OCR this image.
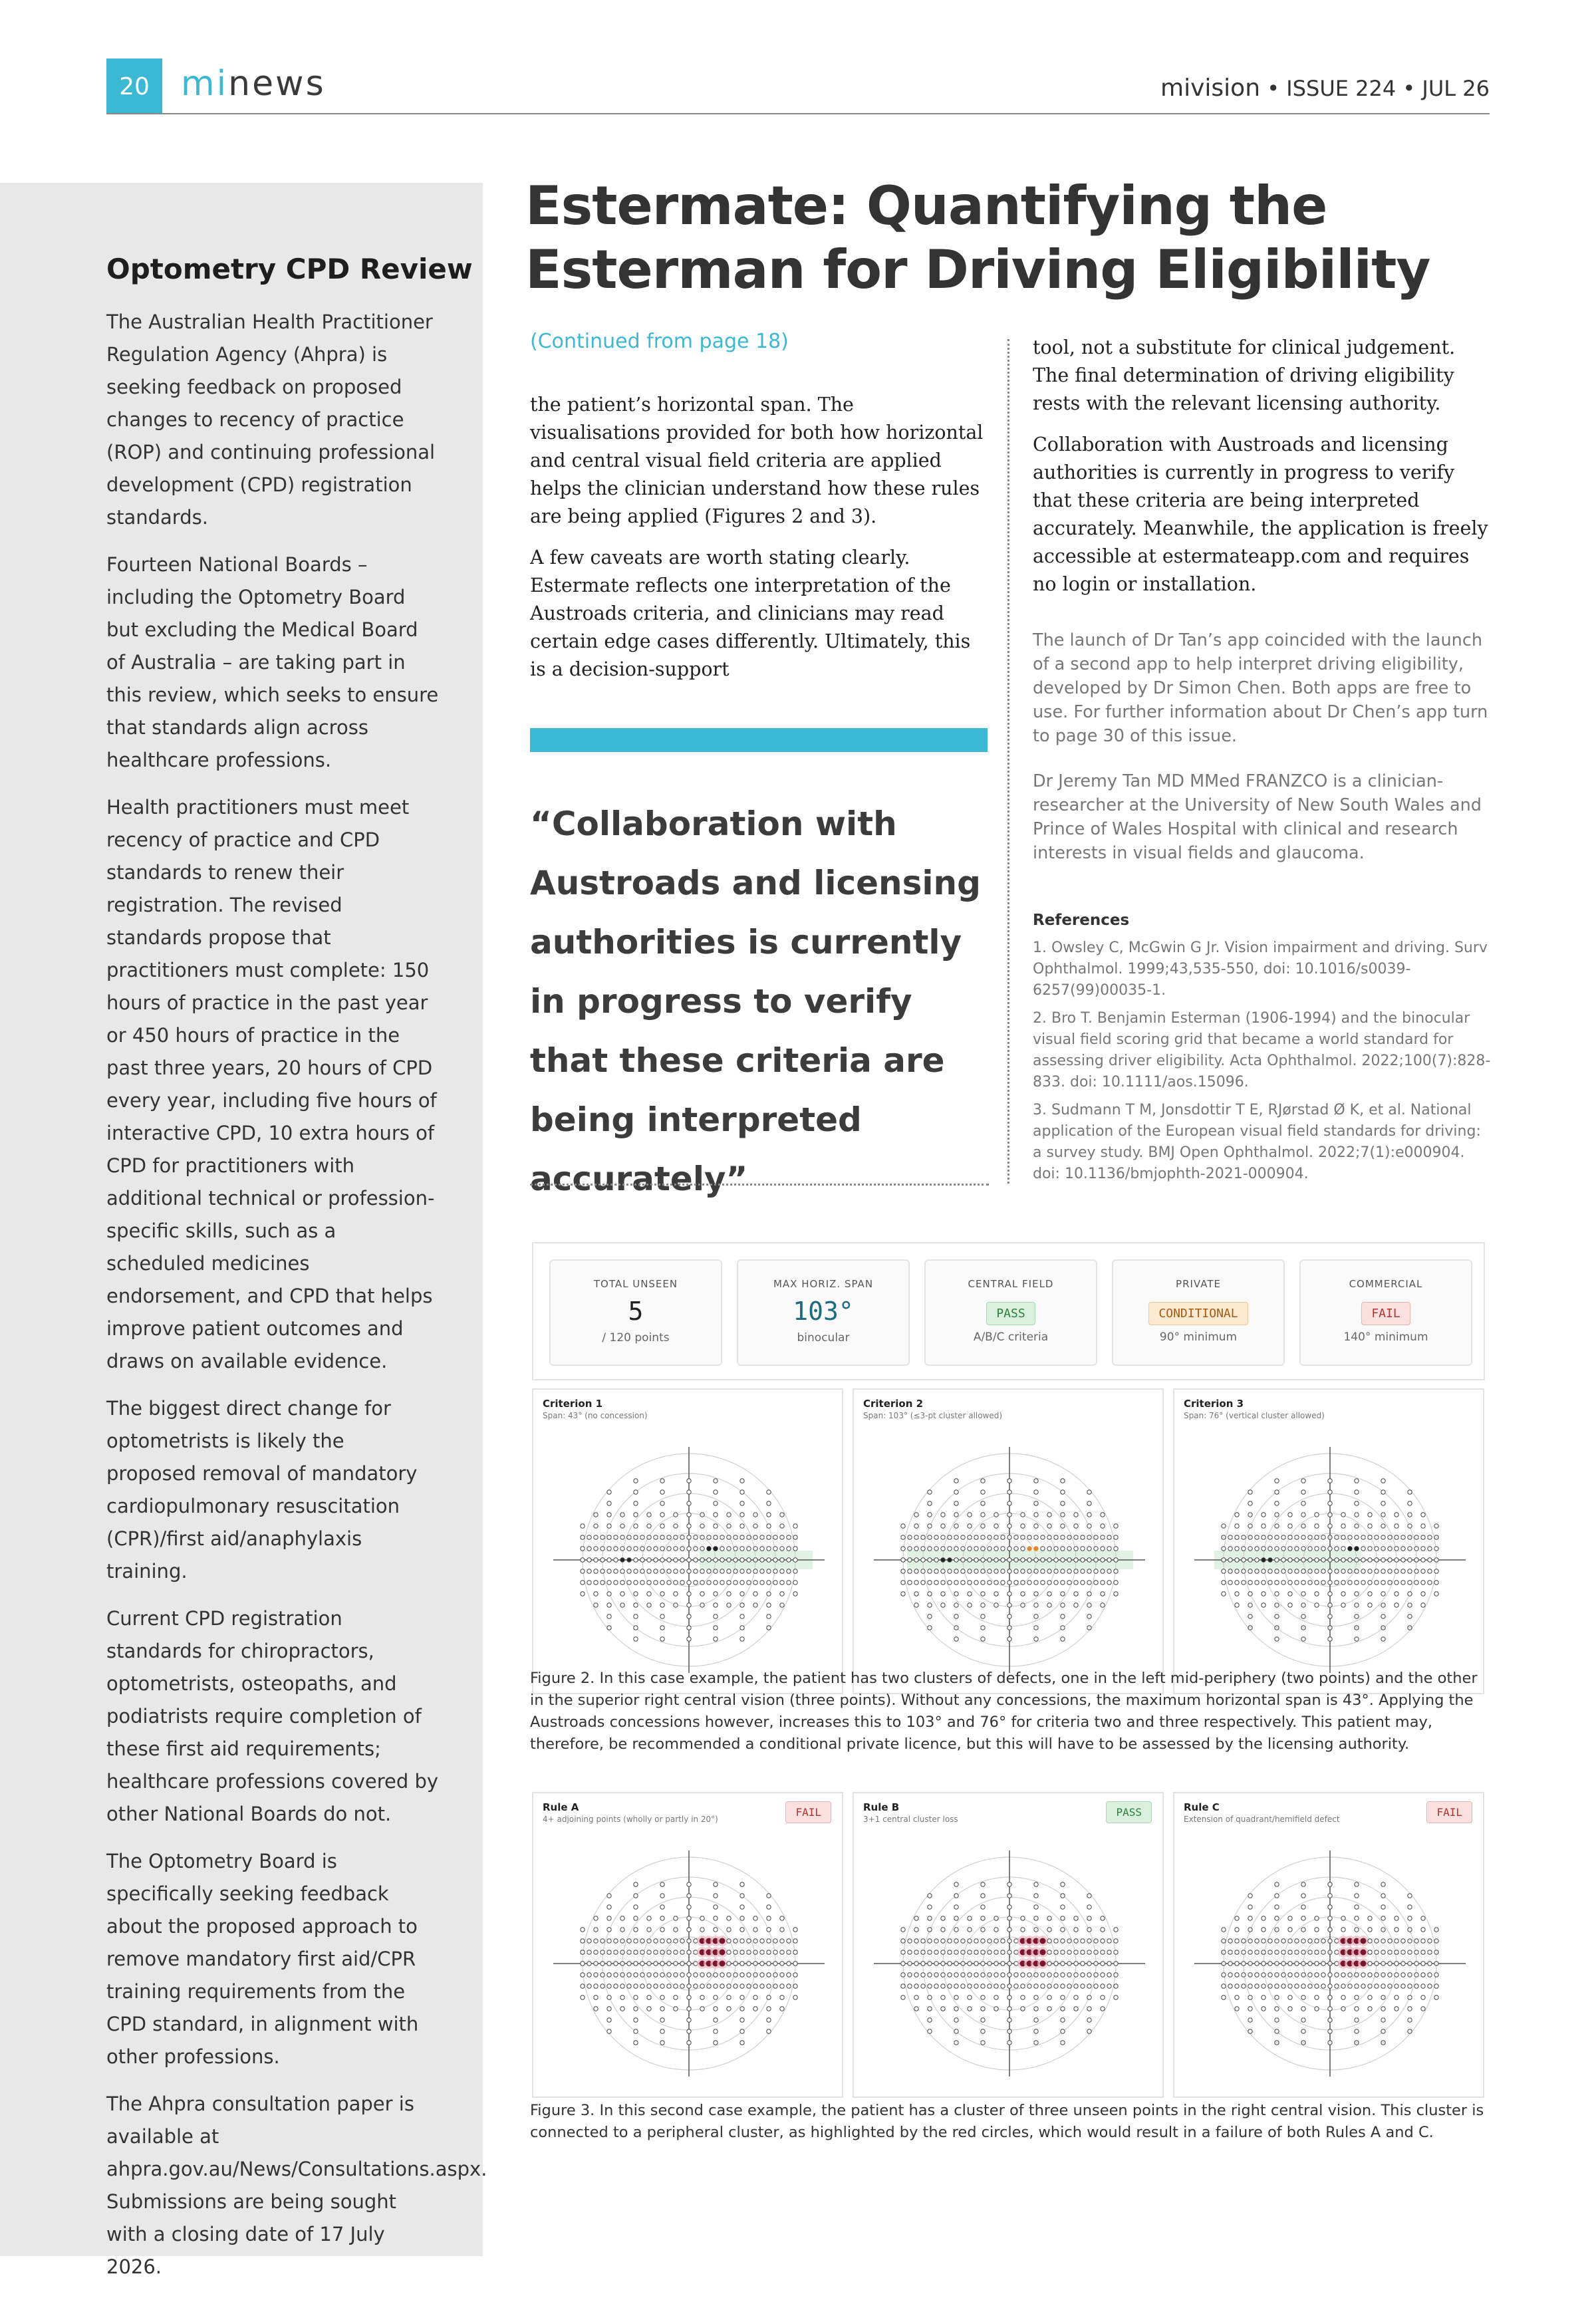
20 minews	mivision • ISSUE 224 • JUL 26
Optometry CPD Review

The Australian Health Practitioner Regulation Agency (Ahpra) is seeking feedback on proposed changes to recency of practice (ROP) and continuing professional development (CPD) registration standards.

Fourteen National Boards – including the Optometry Board but excluding the Medical Board of Australia – are taking part in this review, which seeks to ensure that standards align across healthcare professions.

Health practitioners must meet recency of practice and CPD standards to renew their registration. The revised standards propose that practitioners must complete: 150 hours of practice in the past year or 450 hours of practice in the past three years, 20 hours of CPD every year, including five hours of interactive CPD, 10 extra hours of CPD for practitioners with additional technical or profession-specific skills, such as a scheduled medicines endorsement, and CPD that helps improve patient outcomes and draws on available evidence.

The biggest direct change for optometrists is likely the proposed removal of mandatory cardiopulmonary resuscitation (CPR)/first aid/anaphylaxis training.

Current CPD registration standards for chiropractors, optometrists, osteopaths, and podiatrists require completion of these first aid requirements; healthcare professions covered by other National Boards do not.

The Optometry Board is specifically seeking feedback about the proposed approach to remove mandatory first aid/CPR training requirements from the CPD standard, in alignment with other professions.

The Ahpra consultation paper is available at ahpra.gov.au/News/Consultations.aspx. Submissions are being sought with a closing date of 17 July 2026.

Estermate: Quantifying the Esterman for Driving Eligibility
(Continued from page 18)

the patient’s horizontal span. The visualisations provided for both how horizontal and central visual field criteria are applied helps the clinician understand how these rules are being applied (Figures 2 and 3).

A few caveats are worth stating clearly. Estermate reflects one interpretation of the Austroads criteria, and clinicians may read certain edge cases differently. Ultimately, this is a decision-support

tool, not a substitute for clinical judgement. The final determination of driving eligibility rests with the relevant licensing authority.

Collaboration with Austroads and licensing authorities is currently in progress to verify that these criteria are being interpreted accurately. Meanwhile, the application is freely accessible at estermateapp.com and requires no login or installation.

“Collaboration with Austroads and licensing authorities is currently in progress to verify that these criteria are being interpreted accurately”

The launch of Dr Tan’s app coincided with the launch of a second app to help interpret driving eligibility, developed by Dr Simon Chen. Both apps are free to use. For further information about Dr Chen’s app turn to page 30 of this issue.

Dr Jeremy Tan MD MMed FRANZCO is a clinician-researcher at the University of New South Wales and Prince of Wales Hospital with clinical and research interests in visual fields and glaucoma.

References

1. Owsley C, McGwin G Jr. Vision impairment and driving. Surv Ophthalmol. 1999;43,535-550, doi: 10.1016/s0039-6257(99)00035-1.

2. Bro T. Benjamin Esterman (1906-1994) and the binocular visual field scoring grid that became a world standard for assessing driver eligibility. Acta Ophthalmol. 2022;100(7):828-833. doi: 10.1111/aos.15096.

3. Sudmann T M, Jonsdottir T E, RJørstad Ø K, et al. National application of the European visual field standards for driving: a survey study. BMJ Open Ophthalmol. 2022;7(1):e000904. doi: 10.1136/bmjophth-2021-000904.

TOTAL UNSEEN
5
/ 120 points
MAX HORIZ. SPAN
103°
binocular
CENTRAL FIELD
PASS
A/B/C criteria
PRIVATE
CONDITIONAL
90° minimum
COMMERCIAL
FAIL
140° minimum
Criterion 1
Span: 43° (no concession)
Criterion 2
Span: 103° (≤3-pt cluster allowed)
Criterion 3
Span: 76° (vertical cluster allowed)
Figure 2. In this case example, the patient has two clusters of defects, one in the left mid-periphery (two points) and the other in the superior right central vision (three points). Without any concessions, the maximum horizontal span is 43°. Applying the Austroads concessions however, increases this to 103° and 76° for criteria two and three respectively. This patient may, therefore, be recommended a conditional private licence, but this will have to be assessed by the licensing authority.
Rule A
4+ adjoining points (wholly or partly in 20°)
FAIL	Rule B
3+1 central cluster loss
PASS	Rule C
Extension of quadrant/hemifield defect
FAIL
Figure 3. In this second case example, the patient has a cluster of three unseen points in the right central vision. This cluster is connected to a peripheral cluster, as highlighted by the red circles, which would result in a failure of both Rules A and C.
